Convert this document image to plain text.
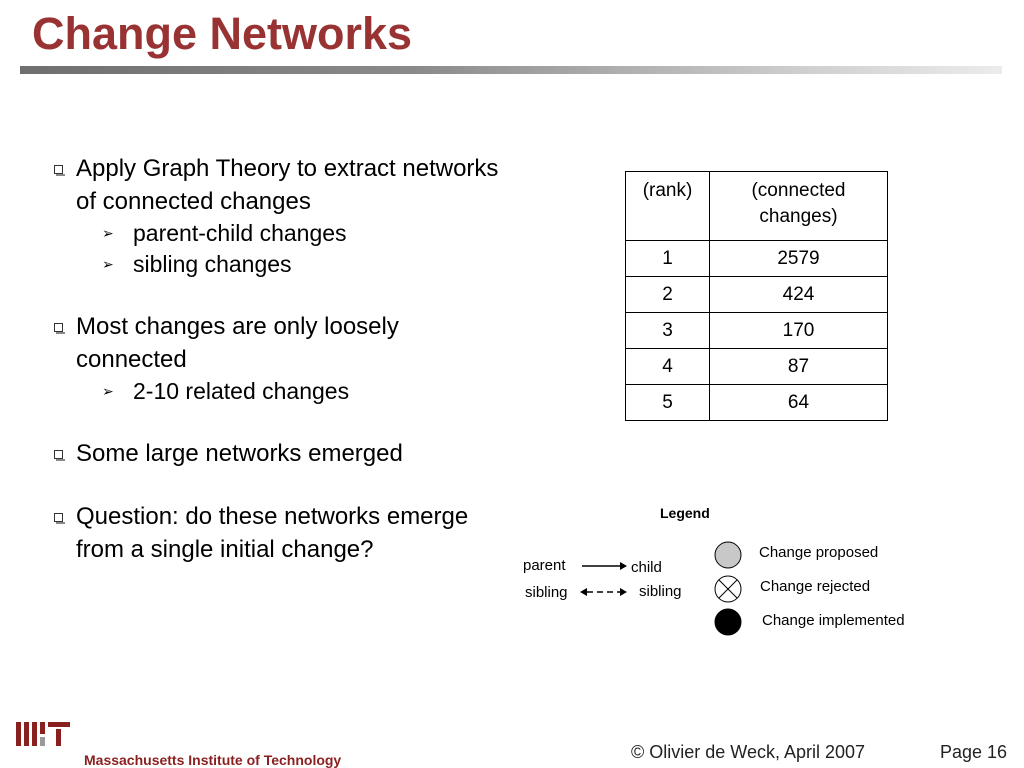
Change Networks
Apply Graph Theory to extract networks of connected changes
➢ parent-child changes
➢ sibling changes
Most changes are only loosely connected
➢ 2-10 related changes
Some large networks emerged
Question: do these networks emerge from a single initial change?
(rank)	(connected changes)
1	2579
2	424
3	170
4	87
5	64
Legend
parent	child
sibling	sibling
Change proposed
Change rejected
Change implemented
Massachusetts Institute of Technology	© Olivier de Weck, April 2007	Page 16
